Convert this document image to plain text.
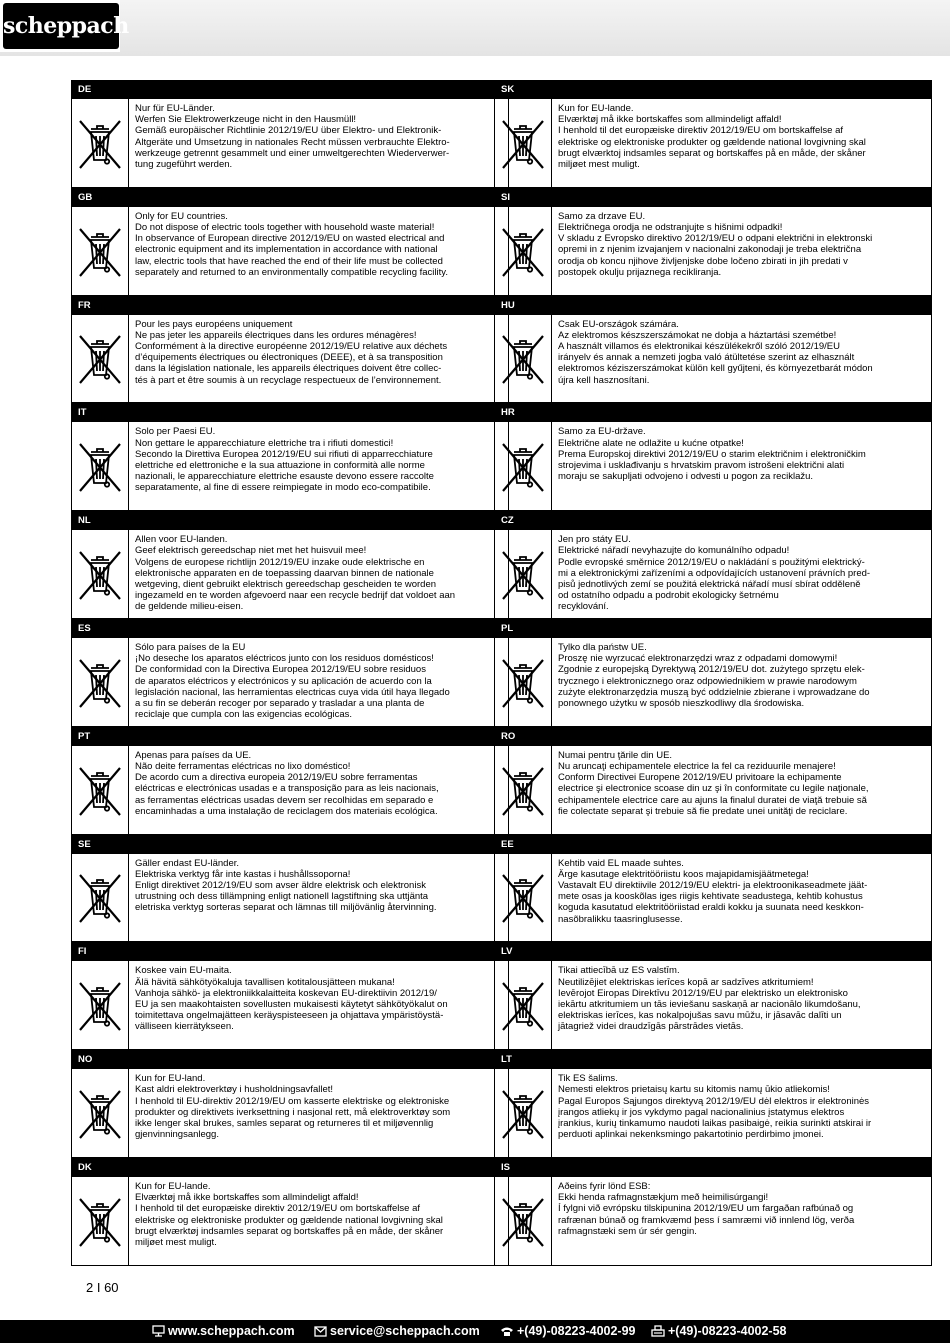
scheppach
DE
Nur für EU-Länder.
Werfen Sie Elektrowerkzeuge nicht in den Hausmüll!
Gemäß europäischer Richtlinie 2012/19/EU über Elektro- und Elektronik-
Altgeräte und Umsetzung in nationales Recht müssen verbrauchte Elektro-
werkzeuge getrennt gesammelt und einer umweltgerechten Wiederverwer-
tung zugeführt werden.
GB
Only for EU countries.
Do not dispose of electric tools together with household waste material!
In observance of European directive 2012/19/EU on wasted electrical and
electronic equipment and its implementation in accordance with national
law, electric tools that have reached the end of their life must be collected
separately and returned to an environmentally compatible recycling facility.
FR
Pour les pays européens uniquement
Ne pas jeter les appareils électriques dans les ordures ménagères!
Conformément à la directive européenne 2012/19/EU relative aux déchets
d’équipements électriques ou électroniques (DEEE), et à sa transposition
dans la législation nationale, les appareils électriques doivent être collec-
tés à part et être soumis à un recyclage respectueux de l’environnement.
IT
Solo per Paesi EU.
Non gettare le apparecchiature elettriche tra i rifiuti domestici!
Secondo la Direttiva Europea 2012/19/EU sui rifiuti di apparrecchiature
elettriche ed elettroniche e la sua attuazione in conformità alle norme
nazionali, le apparecchiature elettriche esauste devono essere raccolte
separatamente, al fine di essere reimpiegate in modo eco-compatibile.
NL
Allen voor EU-landen.
Geef elektrisch gereedschap niet met het huisvuil mee!
Volgens de europese richtlijn 2012/19/EU inzake oude elektrische en
elektronische apparaten en de toepassing daarvan binnen de nationale
wetgeving, dient gebruikt elektrisch gereedschap gescheiden te worden
ingezameld en te worden afgevoerd naar een recycle bedrijf dat voldoet aan
de geldende milieu-eisen.
ES
Sólo para países de la EU
¡No deseche los aparatos eléctricos junto con los residuos domésticos!
De conformidad con la Directiva Europea 2012/19/EU sobre residuos
de aparatos eléctricos y electrónicos y su aplicación de acuerdo con la
legislación nacional, las herramientas electricas cuya vida útil haya llegado
a su fin se deberán recoger por separado y trasladar a una planta de
reciclaje que cumpla con las exigencias ecológicas.
PT
Apenas para países da UE.
Não deite ferramentas eléctricas no lixo doméstico!
De acordo cum a directiva europeia 2012/19/EU sobre ferramentas
eléctricas e electrónicas usadas e a transposição para as leis nacionais,
as ferramentas eléctricas usadas devem ser recolhidas em separado e
encaminhadas a uma instalação de reciclagem dos materiais ecológica.
SE
Gäller endast EU-länder.
Elektriska verktyg får inte kastas i hushållssoporna!
Enligt direktivet 2012/19/EU som avser äldre elektrisk och elektronisk
utrustning och dess tillämpning enligt nationell lagstiftning ska uttjänta
eletriska verktyg sorteras separat och lämnas till miljövänlig återvinning.
FI
Koskee vain EU-maita.
Älä hävitä sähkötyökaluja tavallisen kotitalousjätteen mukana!
Vanhoja sähkö- ja elektroniikkalaitteita koskevan EU-direktiivin 2012/19/
EU ja sen maakohtaisten sovellusten mukaisesti käytetyt sähkötyökalut on
toimitettava ongelmajätteen keräyspisteeseen ja ohjattava ympäristöystä-
välliseen kierrätykseen.
NO
Kun for EU-land.
Kast aldri elektroverktøy i husholdningsavfallet!
I henhold til EU-direktiv 2012/19/EU om kasserte elektriske og elektroniske
produkter og direktivets iverksettning i nasjonal rett, må elektroverktøy som
ikke lenger skal brukes, samles separat og returneres til et miljøvennlig
gjenvinningsanlegg.
DK
Kun for EU-lande.
Elværktøj må ikke bortskaffes som allmindeligt affald!
I henhold til det europæiske direktiv 2012/19/EU om bortskaffelse af
elektriske og elektroniske produkter og gældende national lovgivning skal
brugt elværktøj indsamles separat og bortskaffes på en måde, der skåner
miljøet mest muligt.
SK
Kun for EU-lande.
Elværktøj må ikke bortskaffes som allmindeligt affald!
I henhold til det europæiske direktiv 2012/19/EU om bortskaffelse af
elektriske og elektroniske produkter og gældende national lovgivning skal
brugt elværktoj indsamles separat og bortskaffes på en måde, der skåner
miljøet mest muligt.
SI
Samo za drzave EU.
Električnega orodja ne odstranjujte s hišnimi odpadki!
V skladu z Evropsko direktivo 2012/19/EU o odpani električni in elektronski
opremi in z njenim izvajanjem v nacionalni zakonodaji je treba električna
orodja ob koncu njihove življenjske dobe ločeno zbirati in jih predati v
postopek okulju prijaznega recikliranja.
HU
Csak EU-országok számára.
Az elektromos készszerszámokat ne dobja a háztartási szemétbe!
A használt villamos és elektronikai készülékekről szóló 2012/19/EU
irányelv és annak a nemzeti jogba való átültetése szerint az elhasznált
elektromos kéziszerszámokat külön kell gyűjteni, és környezetbarát módon
újra kell hasznosítani.
HR
Samo za EU-države.
Električne alate ne odlažite u kućne otpatke!
Prema Europskoj direktivi 2012/19/EU o starim električnim i elektroničkim
strojevima i usklađivanju s hrvatskim pravom istrošeni električni alati
moraju se sakupljati odvojeno i odvesti u pogon za reciklažu.
CZ
Jen pro státy EU.
Elektrické nářadí nevyhazujte do komunálního odpadu!
Podle evropské směrnice 2012/19/EU o nakládání s použitými elektrický-
mi a elektronickými zařízeními a odpovídajících ustanovení právních pred-
pisů jednotlivých zemí se použitá elektrická nářadí musí sbírat odděleně
od ostatního odpadu a podrobit ekologicky šetrnému
recyklování.
PL
Tylko dla państw UE.
Proszę nie wyrzucać elektronarzędzi wraz z odpadami domowymi!
Zgodnie z europejską Dyrektywą 2012/19/EU dot. zużytego sprzętu elek-
trycznego i elektronicznego oraz odpowiednikiem w prawie narodowym
zużyte elektronarzędzia muszą być oddzielnie zbierane i wprowadzane do
ponownego użytku w sposób nieszkodliwy dla środowiska.
RO
Numai pentru ţările din UE.
Nu aruncaţi echipamentele electrice la fel ca reziduurile menajere!
Conform Directivei Europene 2012/19/EU privitoare la echipamente
electrice şi electronice scoase din uz şi în conformitate cu legile naţionale,
echipamentele electrice care au ajuns la finalul duratei de viaţă trebuie să
fie colectate separat şi trebuie să fie predate unei unităţi de reciclare.
EE
Kehtib vaid EL maade suhtes.
Ärge kasutage elektritööriistu koos majapidamisjäätmetega!
Vastavalt EU direktiivile 2012/19/EU elektri- ja elektroonikaseadmete jäät-
mete osas ja kooskõlas iges riigis kehtivate seadustega, kehtib kohustus
koguda kasutatud elektritööriistad eraldi kokku ja suunata need keskkon-
nasõbralikku taasringlusesse.
LV
Tikai attiecībā uz ES valstīm.
Neutilizējiet elektriskas ierīces kopā ar sadzīves atkritumiem!
Ievērojot Eiropas Direktīvu 2012/19/EU par elektrisko un elektronisko
iekārtu atkritumiem un tās ieviešanu saskaņā ar nacionālo likumdošanu,
elektriskas ierīces, kas nokalpojušas savu mūžu, ir jāsavāc dalīti un
jātagriež videi draudzīgās pārstrādes vietās.
LT
Tik ES šalims.
Nemesti elektros prietaisų kartu su kitomis namų ūkio atliekomis!
Pagal Europos Sąjungos direktyvą 2012/19/EU dėl elektros ir elektroninės
įrangos atliekų ir jos vykdymo pagal nacionalinius įstatymus elektros
įrankius, kurių tinkamumo naudoti laikas pasibaigė, reikia surinkti atskirai ir
perduoti aplinkai nekenksmingo pakartotinio perdirbimo įmonei.
IS
Aðeins fyrir lönd ESB:
Ekki henda rafmagnstækjum með heimilisúrgangi!
Í fylgni við evrópsku tilskipunina 2012/19/EU um fargaðan rafbúnað og
rafrænan búnað og framkvæmd þess í samræmi við innlend lög, verða
rafmagnstæki sem úr sér gengin.
2 I 60
www.scheppach.com	service@scheppach.com	+(49)-08223-4002-99	+(49)-08223-4002-58
